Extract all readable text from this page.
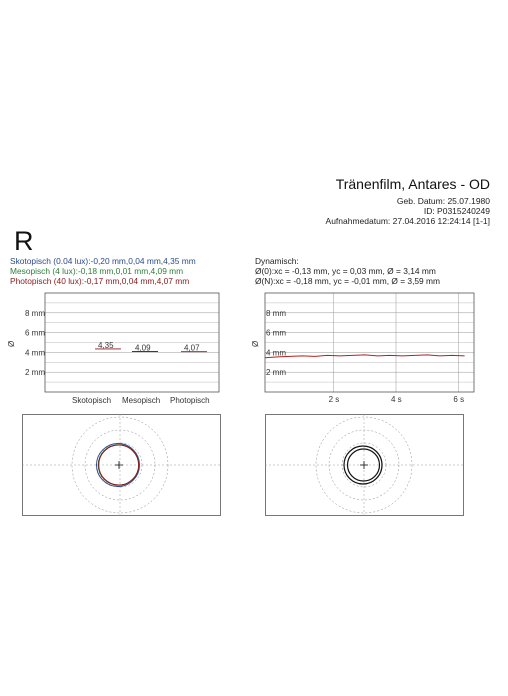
Tränenfilm, Antares - OD
Geb. Datum: 25.07.1980
ID: P0315240249
Aufnahmedatum: 27.04.2016 12:24:14 [1-1]
R
Skotopisch (0.04 lux):-0,20 mm,0,04 mm,4,35 mm
Mesopisch (4 lux):-0,18 mm,0,01 mm,4,09 mm
Photopisch (40 lux):-0,17 mm,0,04 mm,4,07 mm
Dynamisch:
Ø(0):xc = -0,13 mm, yc = 0,03 mm, Ø = 3,14 mm
Ø(N):xc = -0,18 mm, yc = -0,01 mm, Ø = 3,59 mm
Ø
2 mm
4 mm
6 mm
8 mm
4,35	4,09	4,07
Skotopisch Mesopisch Photopisch
Ø
2 mm
4 mm
6 mm
8 mm
2 s	4 s	6 s
